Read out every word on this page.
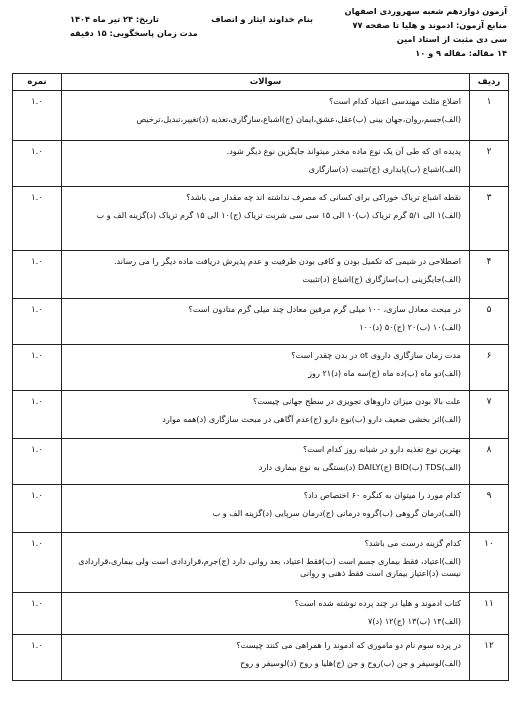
آزمون دوازدهم شعبه سهروردی اصفهان
منابع آزمون: ادموند و هلیا تا صفحه ۷۷
سی دی مثبت از استاد امین
۱۴ مقاله: مقاله ۹ و ۱۰
بنام خداوند ایثار و انصاف
تاریخ: ۲۴ تیر ماه ۱۴۰۴
مدت زمان پاسخگویی: ۱۵ دقیقه
ردیف	سوالات	نمره

۱	اضلاع مثلث مهندسی اعتیاد کدام است؟
(الف)جسم،روان،جهان بینی (ب)عقل،عشق،ایمان (ج)اشباع،سازگاری،تغذیه (د)تغییر،تبدیل،ترخیص	۱.۰

۲	پدیده ای که طی آن یک نوع ماده مخدر میتواند جایگزین نوع دیگر شود.
(الف)اشباع (ب)پایداری (ج)تثبیت (د)سازگاری	۱.۰

۳	نقطه اشباع تریاک خوراکی برای کسانی که مصرف نداشته اند چه مقدار می باشد؟
(الف)۱ الی ۵/۱ گرم تریاک (ب)۱۰ الی ۱۵ سی سی شربت تریاک (ج)۱۰ الی ۱۵ گرم تریاک (د)گزینه الف و ب	۱.۰

۴	اصطلاحی در شیمی که تکمیل بودن و کافی بودن ظرفیت و عدم پذیرش دریافت ماده دیگر را می رساند.
(الف)جایگزینی (ب)سازگاری (ج)اشباع (د)تثبیت	۱.۰

۵	در مبحث معادل سازی، ۱۰۰ میلی گرم مرفین معادل چند میلی گرم متادون است؟
(الف)۱۰ (ب)۲۰ (ج)۵۰ (د)۱۰۰	۱.۰

۶	مدت زمان سازگاری داروی ot در بدن چقدر است؟
(الف)دو ماه (ب)ده ماه (ج)سه ماه (د)۲۱ روز	۱.۰

۷	علت بالا بودن میزان داروهای تجویزی در سطح جهانی چیست؟
(الف)اثر بخشی ضعیف دارو (ب)نوع دارو (ج)عدم آگاهی در مبحث سازگاری (د)همه موارد	۱.۰

۸	بهترین نوع تغذیه دارو در شبانه روز کدام است؟
(الف)TDS (ب)BID (ج)DAILY (د)بستگی به نوع بیماری دارد	۱.۰

۹	کدام مورد را میتوان به کنگره ۶۰ اختصاص داد؟
(الف)درمان گروهی (ب)گروه درمانی (ج)درمان سرپایی (د)گزینه الف و ب	۱.۰

۱۰	کدام گزینه درست می باشد؟
(الف)اعتیاد، فقط بیماری جسم است (ب)فقط اعتیاد، بعد روانی دارد (ج)جرم،قراردادی است ولی بیماری،قراردادی نیست (د)اعتیاز بیماری است فقط ذهنی و روانی	۱.۰

۱۱	کتاب ادموند و هلیا در چند پرده نوشته شده است؟
(الف)۱۴ (ب)۱۳ (ج)۱۲ (د)۷	۱.۰

۱۲	در پرده سوم نام دو ماموری که ادموند را همراهی می کنند چیست؟
(الف)لوسیفر و جن (ب)روح و جن (ج)هلیا و روح (د)لوسیفر و روح	۱.۰
